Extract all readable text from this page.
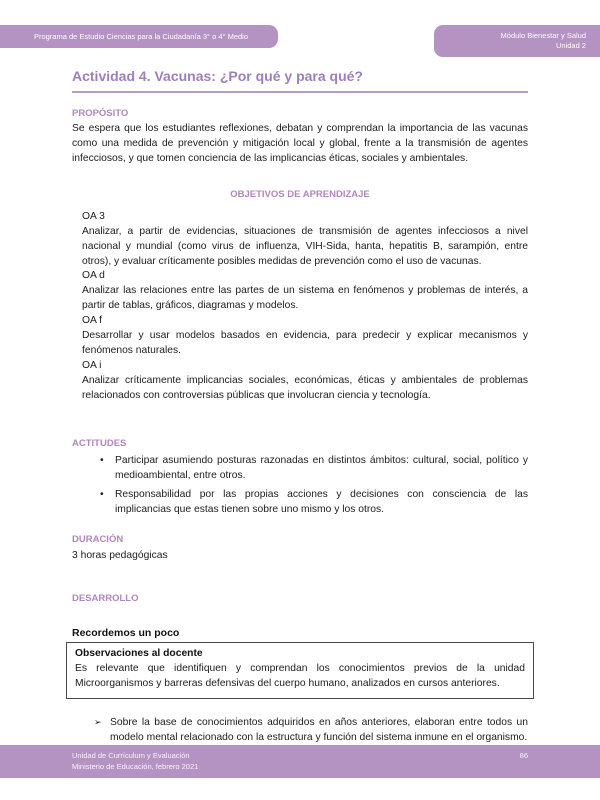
Programa de Estudio Ciencias para la Ciudadanía 3° o 4° Medio	Módulo Bienestar y Salud
Unidad 2
Actividad 4. Vacunas: ¿Por qué y para qué?
PROPÓSITO

Se espera que los estudiantes reflexiones, debatan y comprendan la importancia de las vacunas como una medida de prevención y mitigación local y global, frente a la transmisión de agentes infecciosos, y que tomen conciencia de las implicancias éticas, sociales y ambientales.

OBJETIVOS DE APRENDIZAJE

OA 3

Analizar, a partir de evidencias, situaciones de transmisión de agentes infecciosos a nivel nacional y mundial (como virus de influenza, VIH-Sida, hanta, hepatitis B, sarampión, entre otros), y evaluar críticamente posibles medidas de prevención como el uso de vacunas.

OA d

Analizar las relaciones entre las partes de un sistema en fenómenos y problemas de interés, a partir de tablas, gráficos, diagramas y modelos.

OA f

Desarrollar y usar modelos basados en evidencia, para predecir y explicar mecanismos y fenómenos naturales.

OA i

Analizar críticamente implicancias sociales, económicas, éticas y ambientales de problemas relacionados con controversias públicas que involucran ciencia y tecnología.

ACTITUDES
• Participar asumiendo posturas razonadas en distintos ámbitos: cultural, social, político y medioambiental, entre otros.
• Responsabilidad por las propias acciones y decisiones con consciencia de las implicancias que estas tienen sobre uno mismo y los otros.
DURACIÓN

3 horas pedagógicas

DESARROLLO

Recordemos un poco

Observaciones al docente

Es relevante que identifiquen y comprendan los conocimientos previos de la unidad Microorganismos y barreras defensivas del cuerpo humano, analizados en cursos anteriores.

➢ Sobre la base de conocimientos adquiridos en años anteriores, elaboran entre todos un modelo mental relacionado con la estructura y función del sistema inmune en el organismo.
Unidad de Currículum y Evaluación
Ministerio de Educación, febrero 2021
86
